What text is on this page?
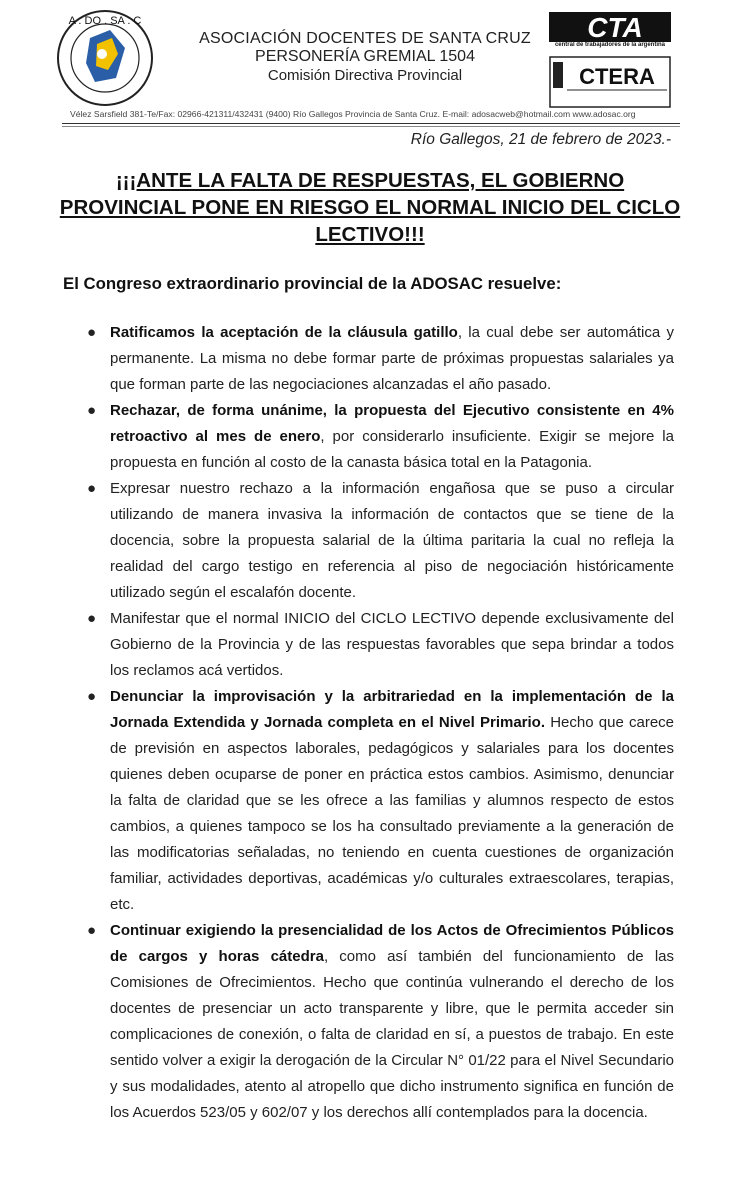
A . DO . SA . C
ASOCIACIÓN DOCENTES DE SANTA CRUZ
PERSONERÍA GREMIAL 1504
Comisión Directiva Provincial
CTA
central de trabajadores de la argentina
CTERA
Vélez Sarsfield 381-Te/Fax: 02966-421311/432431 (9400) Río Gallegos Provincia de Santa Cruz. E-mail: adosacweb@hotmail.com www.adosac.org
Río Gallegos, 21 de febrero de 2023.-
¡¡¡ANTE LA FALTA DE RESPUESTAS, EL GOBIERNO PROVINCIAL PONE EN RIESGO EL NORMAL INICIO DEL CICLO LECTIVO!!!
El Congreso extraordinario provincial de la ADOSAC resuelve:
● Ratificamos la aceptación de la cláusula gatillo, la cual debe ser automática y permanente. La misma no debe formar parte de próximas propuestas salariales ya que forman parte de las negociaciones alcanzadas el año pasado.
● Rechazar, de forma unánime, la propuesta del Ejecutivo consistente en 4% retroactivo al mes de enero, por considerarlo insuficiente. Exigir se mejore la propuesta en función al costo de la canasta básica total en la Patagonia.
● Expresar nuestro rechazo a la información engañosa que se puso a circular utilizando de manera invasiva la información de contactos que se tiene de la docencia, sobre la propuesta salarial de la última paritaria la cual no refleja la realidad del cargo testigo en referencia al piso de negociación históricamente utilizado según el escalafón docente.
● Manifestar que el normal INICIO del CICLO LECTIVO depende exclusivamente del Gobierno de la Provincia y de las respuestas favorables que sepa brindar a todos los reclamos acá vertidos.
● Denunciar la improvisación y la arbitrariedad en la implementación de la Jornada Extendida y Jornada completa en el Nivel Primario. Hecho que carece de previsión en aspectos laborales, pedagógicos y salariales para los docentes quienes deben ocuparse de poner en práctica estos cambios. Asimismo, denunciar la falta de claridad que se les ofrece a las familias y alumnos respecto de estos cambios, a quienes tampoco se los ha consultado previamente a la generación de las modificatorias señaladas, no teniendo en cuenta cuestiones de organización familiar, actividades deportivas, académicas y/o culturales extraescolares, terapias, etc.
● Continuar exigiendo la presencialidad de los Actos de Ofrecimientos Públicos de cargos y horas cátedra, como así también del funcionamiento de las Comisiones de Ofrecimientos. Hecho que continúa vulnerando el derecho de los docentes de presenciar un acto transparente y libre, que le permita acceder sin complicaciones de conexión, o falta de claridad en sí, a puestos de trabajo. En este sentido volver a exigir la derogación de la Circular N° 01/22 para el Nivel Secundario y sus modalidades, atento al atropello que dicho instrumento significa en función de los Acuerdos 523/05 y 602/07 y los derechos allí contemplados para la docencia.
